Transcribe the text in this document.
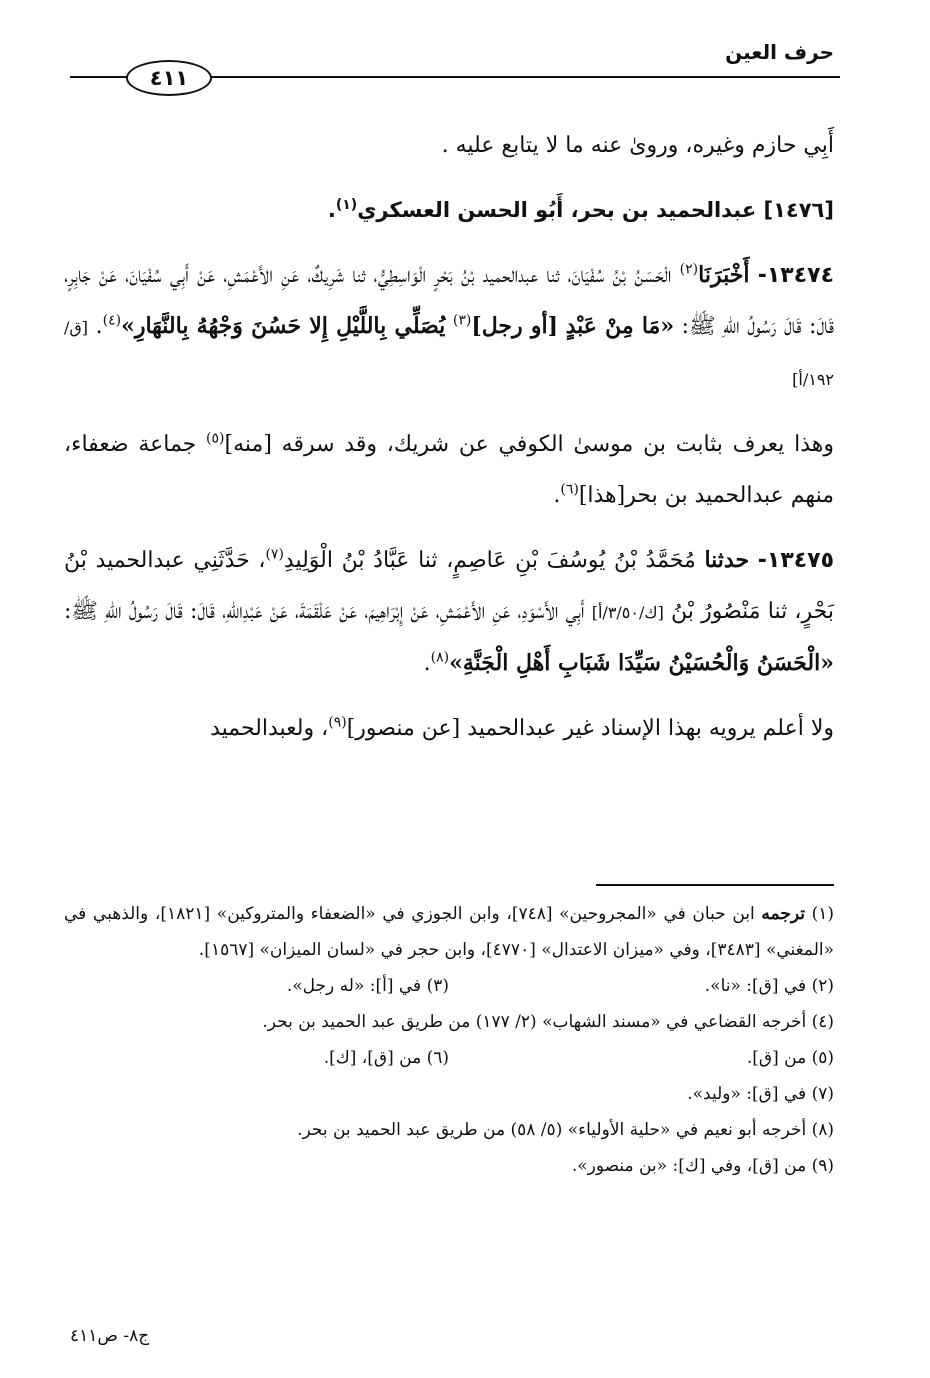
حرف العين
٤١١

أَبِي حازم وغيره، وروىٰ عنه ما لا يتابع عليه .

[١٤٧٦] عبدالحميد بن بحر، أَبُو الحسن العسكري$^{(١)}$.

١٣٤٧٤- أَخْبَرَنَا$^{(٢)}$ الْحَسَنُ بْنُ سُفْيَانَ، ثنا عبدالحميد بْنُ بَحْرٍ الْوَاسِطِيُّ، ثنا شَرِيكٌ، عَنِ الأَعْمَشِ، عَنْ أَبِي سُفْيَانَ، عَنْ جَابِرٍ، قَالَ: قَالَ رَسُولُ اللهِ ﷺ: «مَا مِنْ عَبْدٍ [أو رجل]$^{(٣)}$ يُصَلِّي بِاللَّيْلِ إِلا حَسُنَ وَجْهُهُ بِالنَّهَارِ»$^{(٤)}$. [ق/١٩٢/أ]

وهذا يعرف بثابت بن موسىٰ الكوفي عن شريك، وقد سرقه [منه]$^{(٥)}$ جماعة ضعفاء، منهم عبدالحميد بن بحر[هذا]$^{(٦)}$.

١٣٤٧٥- حدثنا مُحَمَّدُ بْنُ يُوسُفَ بْنِ عَاصِمٍ، ثنا عَبَّادُ بْنُ الْوَلِيدِ$^{(٧)}$، حَدَّثَنِي عبدالحميد بْنُ بَحْرٍ، ثنا مَنْصُورُ بْنُ [ك/٣/٥٠/أ] أَبِي الأَسْوَدِ، عَنِ الأَعْمَشِ، عَنْ إِبْرَاهِيمَ، عَنْ عَلْقَمَةَ، عَنْ عَبْدِاللهِ، قَالَ: قَالَ رَسُولُ اللهِ ﷺ: «الْحَسَنُ وَالْحُسَيْنُ سَيِّدَا شَبَابِ أَهْلِ الْجَنَّةِ»$^{(٨)}$.

ولا أعلم يرويه بهذا الإسناد غير عبدالحميد [عن منصور]$^{(٩)}$، ولعبدالحميد

(١) ترجمه ابن حبان في «المجروحين» [٧٤٨]، وابن الجوزي في «الضعفاء والمتروكين» [١٨٢١]، والذهبي في «المغني» [٣٤٨٣]، وفي «ميزان الاعتدال» [٤٧٧٠]، وابن حجر في «لسان الميزان» [١٥٦٧].

(٢) في [ق]: «نا».
(٣) في [أ]: «له رجل».

(٤) أخرجه القضاعي في «مسند الشهاب» (٢/ ١٧٧) من طريق عبد الحميد بن بحر.

(٥) من [ق].
(٦) من [ق]، [ك].

(٧) في [ق]: «وليد».

(٨) أخرجه أبو نعيم في «حلية الأولياء» (٥/ ٥٨) من طريق عبد الحميد بن بحر.

(٩) من [ق]، وفي [ك]: «بن منصور».

ج٨- ص٤١١
